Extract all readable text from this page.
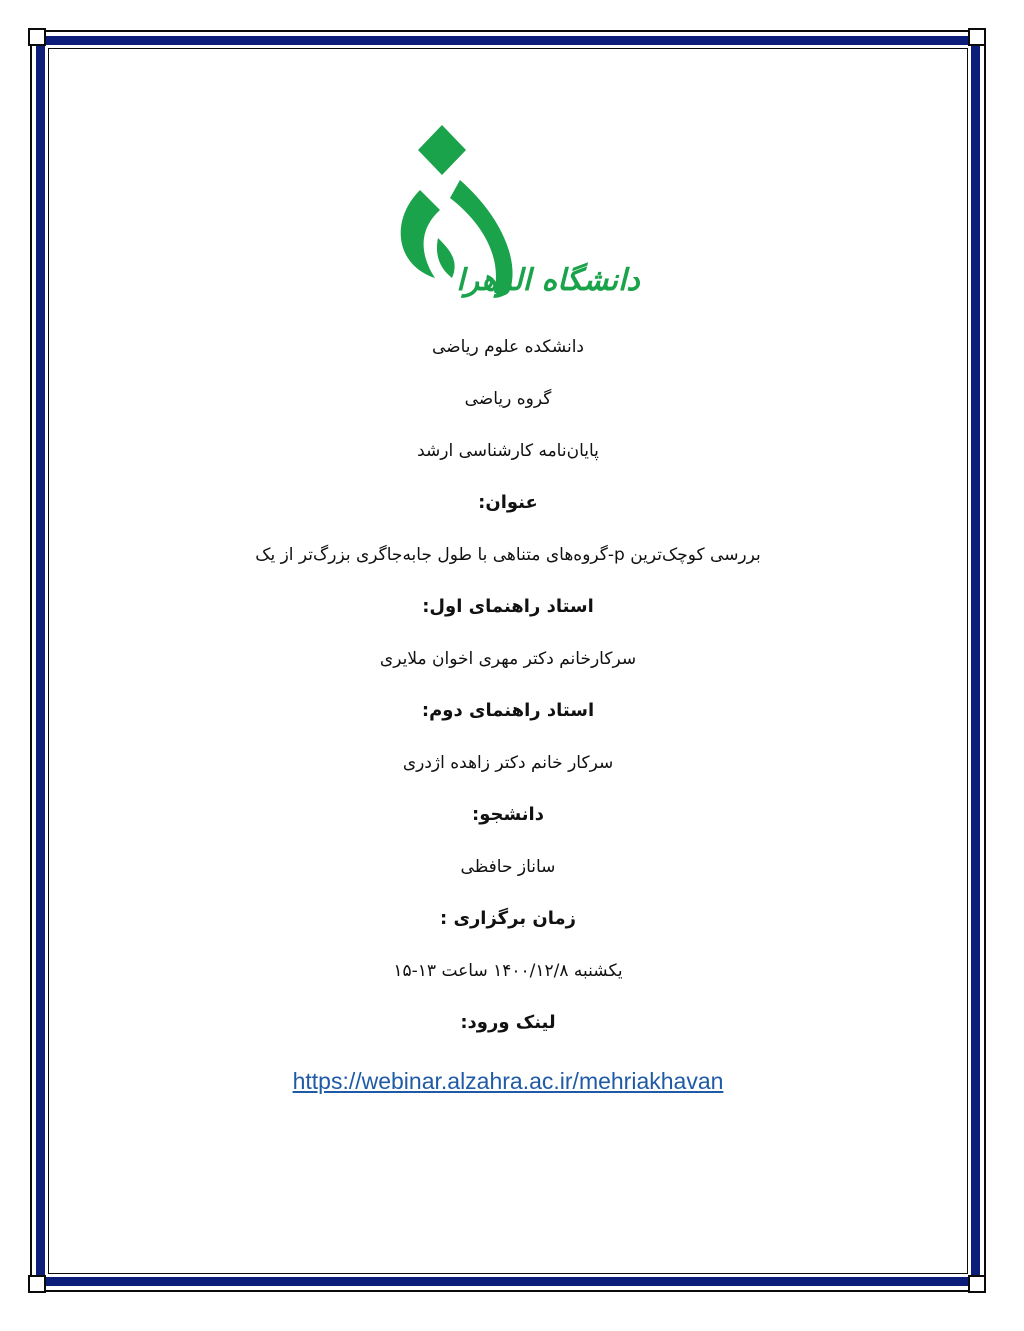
دانشگاه الزهرا
دانشکده علوم ریاضی
گروه ریاضی
پایان‌نامه کارشناسی ارشد
عنوان:
بررسی کوچک‌ترین p-گروه‌های متناهی با طول جابه‌جاگری بزرگ‌تر از یک
استاد راهنمای اول:
سرکارخانم دکتر مهری اخوان ملایری
استاد راهنمای دوم:
سرکار خانم دکتر زاهده اژدری
دانشجو:
ساناز حافظی
زمان برگزاری :
یکشنبه ۱۴۰۰/۱۲/۸ ساعت ۱۳-۱۵
لینک ورود:
https://webinar.alzahra.ac.ir/mehriakhavan
